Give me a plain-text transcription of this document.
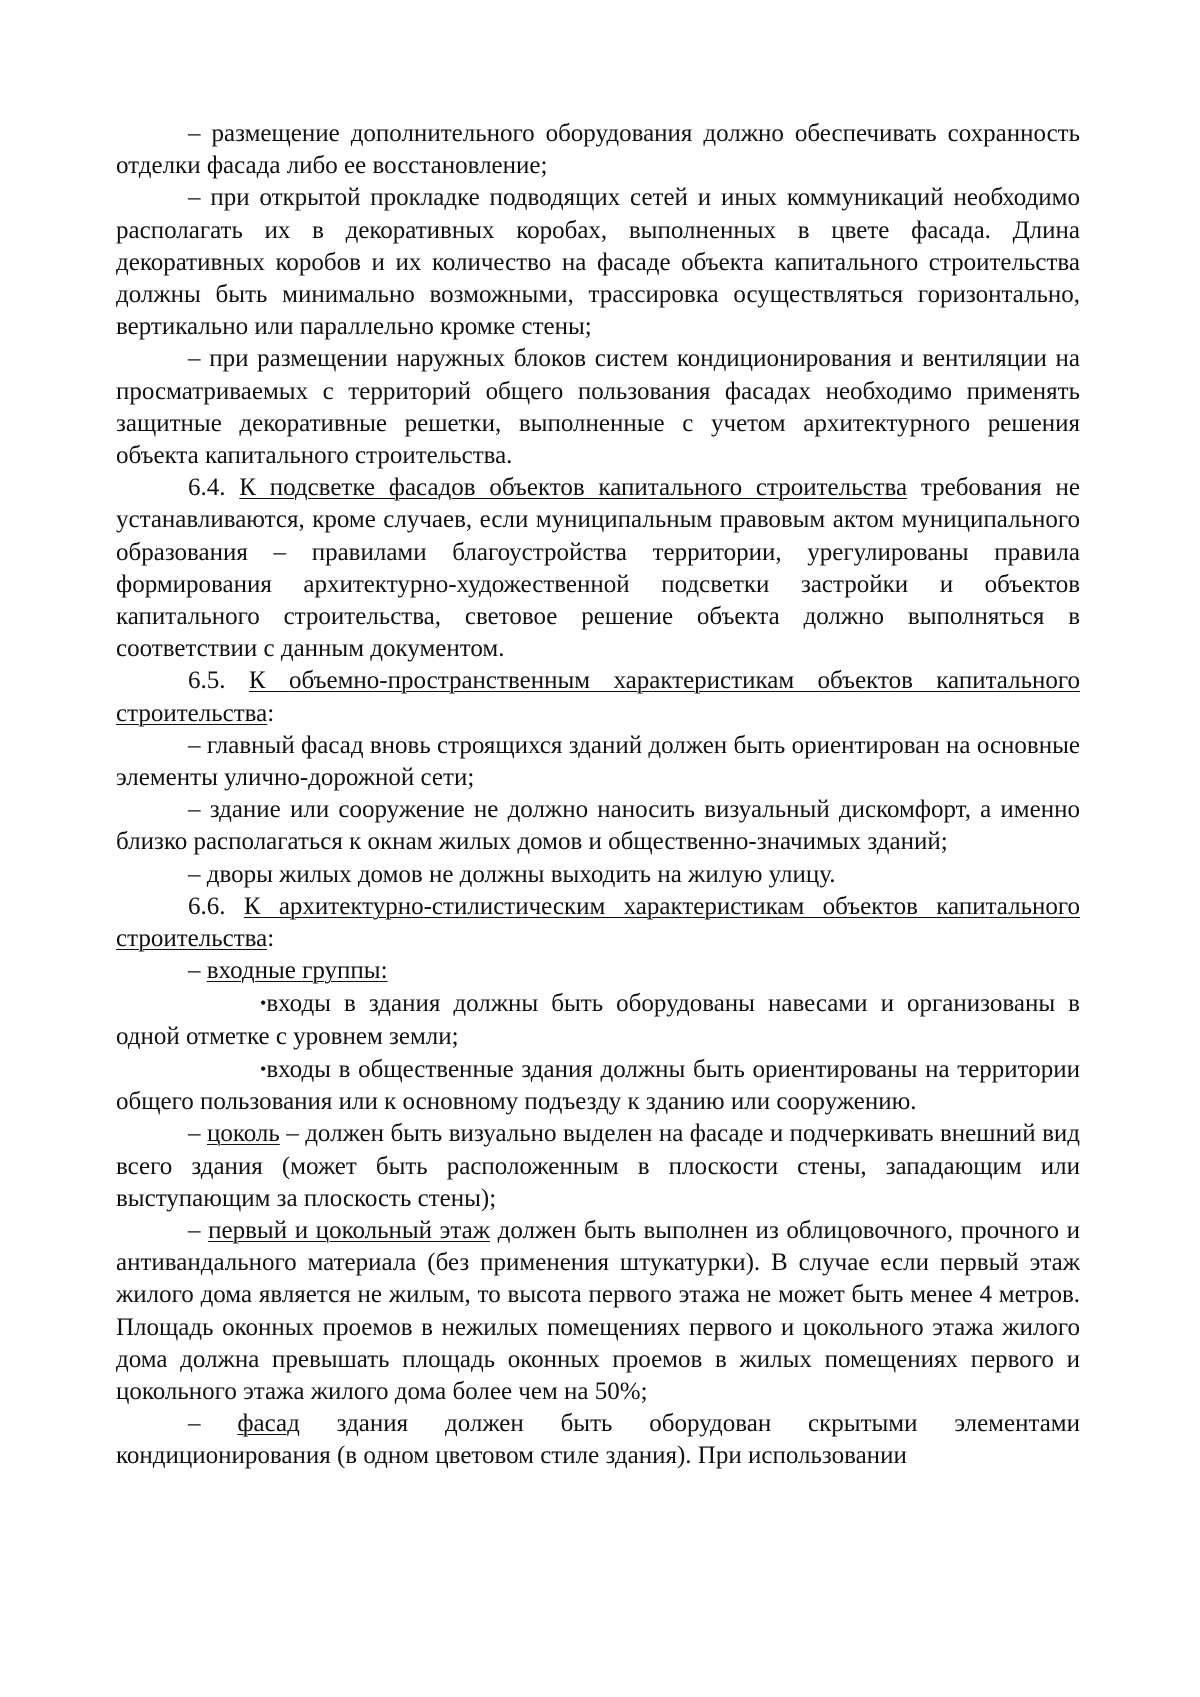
– размещение дополнительного оборудования должно обеспечивать сохранность отделки фасада либо ее восстановление;

– при открытой прокладке подводящих сетей и иных коммуникаций необходимо располагать их в декоративных коробах, выполненных в цвете фасада. Длина декоративных коробов и их количество на фасаде объекта капитального строительства должны быть минимально возможными, трассировка осуществляться горизонтально, вертикально или параллельно кромке стены;

– при размещении наружных блоков систем кондиционирования и вентиляции на просматриваемых с территорий общего пользования фасадах необходимо применять защитные декоративные решетки, выполненные с учетом архитектурного решения объекта капитального строительства.

6.4. К подсветке фасадов объектов капитального строительства требования не устанавливаются, кроме случаев, если муниципальным правовым актом муниципального образования – правилами благоустройства территории, урегулированы правила формирования архитектурно-художественной подсветки застройки и объектов капитального строительства, световое решение объекта должно выполняться в соответствии с данным документом.

6.5. К объемно-пространственным характеристикам объектов капитального строительства:

– главный фасад вновь строящихся зданий должен быть ориентирован на основные элементы улично-дорожной сети;

– здание или сооружение не должно наносить визуальный дискомфорт, а именно близко располагаться к окнам жилых домов и общественно-значимых зданий;

– дворы жилых домов не должны выходить на жилую улицу.

6.6. К архитектурно-стилистическим характеристикам объектов капитального строительства:

– входные группы:

•входы в здания должны быть оборудованы навесами и организованы в одной отметке с уровнем земли;

•входы в общественные здания должны быть ориентированы на территории общего пользования или к основному подъезду к зданию или сооружению.

– цоколь – должен быть визуально выделен на фасаде и подчеркивать внешний вид всего здания (может быть расположенным в плоскости стены, западающим или выступающим за плоскость стены);

– первый и цокольный этаж должен быть выполнен из облицовочного, прочного и антивандального материала (без применения штукатурки). В случае если первый этаж жилого дома является не жилым, то высота первого этажа не может быть менее 4 метров. Площадь оконных проемов в нежилых помещениях первого и цокольного этажа жилого дома должна превышать площадь оконных проемов в жилых помещениях первого и цокольного этажа жилого дома более чем на 50%;

– фасад здания должен быть оборудован скрытыми элементами кондиционирования (в одном цветовом стиле здания). При использовании
